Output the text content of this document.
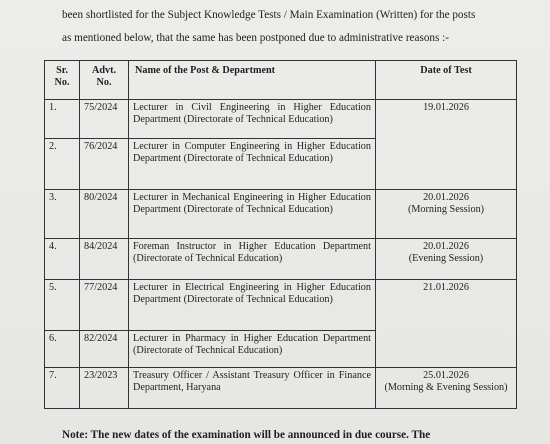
been shortlisted for the Subject Knowledge Tests / Main Examination (Written) for the posts

as mentioned below, that the same has been postponed due to administrative reasons :-

Sr. No.	Advt. No.	Name of the Post & Department	Date of Test
1.	75/2024	Lecturer in Civil Engineering in Higher Education Department (Directorate of Technical Education)	19.01.2026
2.	76/2024	Lecturer in Computer Engineering in Higher Education Department (Directorate of Technical Education)	
3.	80/2024	Lecturer in Mechanical Engineering in Higher Education Department (Directorate of Technical Education)	20.01.2026
(Morning Session)

4.	84/2024	Foreman Instructor in Higher Education Department (Directorate of Technical Education)	20.01.2026
(Evening Session)

5.	77/2024	Lecturer in Electrical Engineering in Higher Education Department (Directorate of Technical Education)	21.01.2026
6.	82/2024	Lecturer in Pharmacy in Higher Education Department (Directorate of Technical Education)	
7.	23/2023	Treasury Officer / Assistant Treasury Officer in Finance Department, Haryana	25.01.2026
(Morning & Evening Session)
Note: The new dates of the examination will be announced in due course. The
